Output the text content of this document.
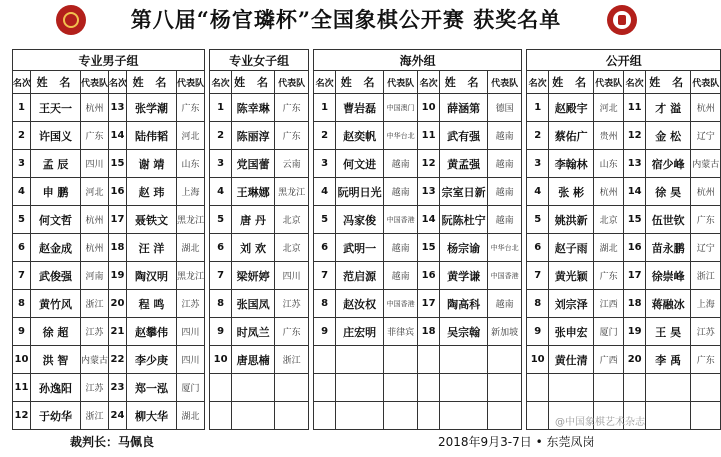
第八届“杨官璘杯”全国象棋公开赛 获奖名单
专业男子组							专业女子组				海外组							公开组					
名次	姓 名	代表队	名次	姓 名	代表队		名次	姓 名	代表队		名次	姓 名	代表队	名次	姓 名	代表队		名次	姓 名	代表队	名次	姓 名	代表队
1	王天一	杭州	13	张学潮	广东		1	陈幸琳	广东		1	曹岩磊	中国澳门	10	薛涵第	德国		1	赵殿宇	河北	11	才 溢	杭州
2	许国义	广东	14	陆伟韬	河北		2	陈丽淳	广东		2	赵奕帆	中华台北	11	武有强	越南		2	蔡佑广	贵州	12	金 松	辽宁
3	孟 辰	四川	15	谢 靖	山东		3	党国蕾	云南		3	何文进	越南	12	黄孟强	越南		3	李翰林	山东	13	宿少峰	内蒙古
4	申 鹏	河北	16	赵 玮	上海		4	王琳娜	黑龙江		4	阮明日光	越南	13	宗室日新	越南		4	张 彬	杭州	14	徐 昊	杭州
5	何文哲	杭州	17	聂铁文	黑龙江		5	唐 丹	北京		5	冯家俊	中国香港	14	阮陈杜宁	越南		5	姚洪新	北京	15	伍世钦	广东
6	赵金成	杭州	18	汪 洋	湖北		6	刘 欢	北京		6	武明一	越南	15	杨宗谕	中华台北		6	赵子雨	湖北	16	苗永鹏	辽宁
7	武俊强	河南	19	陶汉明	黑龙江		7	梁妍婷	四川		7	范启源	越南	16	黄学谦	中国香港		7	黄光颖	广东	17	徐崇峰	浙江
8	黄竹风	浙江	20	程 鸣	江苏		8	张国凤	江苏		8	赵汝权	中国香港	17	陶高科	越南		8	刘宗泽	江西	18	蒋融冰	上海
9	徐 超	江苏	21	赵攀伟	四川		9	时凤兰	广东		9	庄宏明	菲律宾	18	吴宗翰	新加坡		9	张申宏	厦门	19	王 昊	江苏
10	洪 智	内蒙古	22	李少庚	四川		10	唐思楠	浙江									10	黄仕清	广西	20	李 禹	广东
11	孙逸阳	江苏	23	郑一泓	厦门																		
12	于幼华	浙江	24	柳大华	湖北																		
裁判长：马佩良	2018年9月3-7日 • 东莞凤岗
@中国象棋艺术杂志
